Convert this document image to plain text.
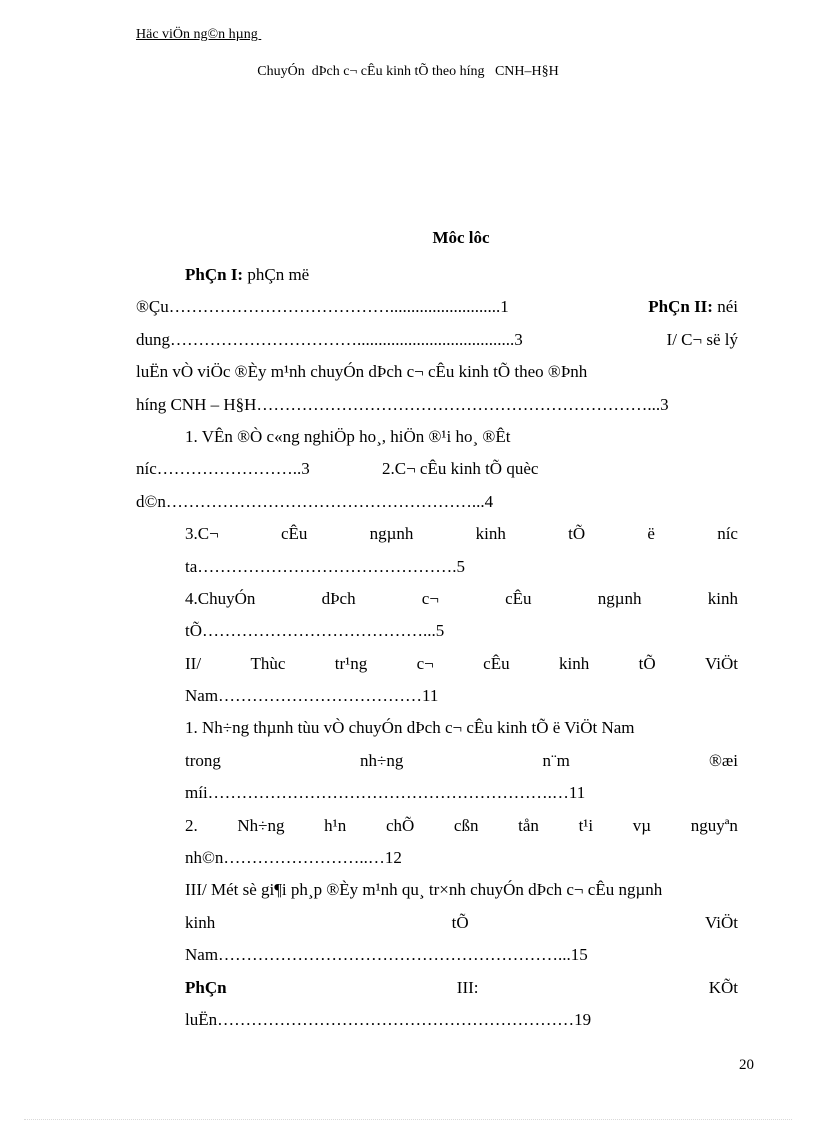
Häc viÖn ng©n hµng
ChuyÓn  dÞch c¬ cÊu kinh tÕ theo híng   CNH–H§H
Môc lôc
PhÇn I: phÇn më
®Çu…………………………………..........................1	PhÇn II: néi
dung…………………………….....................................3	I/ C¬ së lý
luËn vÒ viÖc ®Èy m¹nh chuyÓn dÞch c¬ cÊu kinh tÕ theo ®Þnh
híng CNH – H§H……………………………………………………………...3
1. VÊn ®Ò c«ng nghiÖp ho¸, hiÖn ®¹i ho¸ ®Êt
níc……………………..3	2.C¬ cÊu kinh tÕ quèc
d©n………………………………………………...4
3.C¬	cÊu	ngµnh	kinh	tÕ	ë	níc
ta……………………………………….5
4.ChuyÓn	dÞch	c¬	cÊu	ngµnh	kinh
tÕ…………………………………...5
II/	Thùc	tr¹ng	c¬	cÊu	kinh	tÕ	ViÖt
Nam………………………………11
1. Nh÷ng thµnh tùu vÒ chuyÓn dÞch c¬ cÊu kinh tÕ ë ViÖt Nam
trong	nh÷ng	n¨m	®æi
míi…………………………………………………….…11
2. Nh÷ng h¹n chÕ cßn tån t¹i vµ nguyªn
nh©n……………………..…12
III/ Mét sè gi¶i ph¸p ®Èy m¹nh qu¸ tr×nh chuyÓn dÞch c¬ cÊu ngµnh
kinh	tÕ	ViÖt
Nam……………………………………………………...15
PhÇn	III:	KÕt
luËn………………………………………………………19
20
